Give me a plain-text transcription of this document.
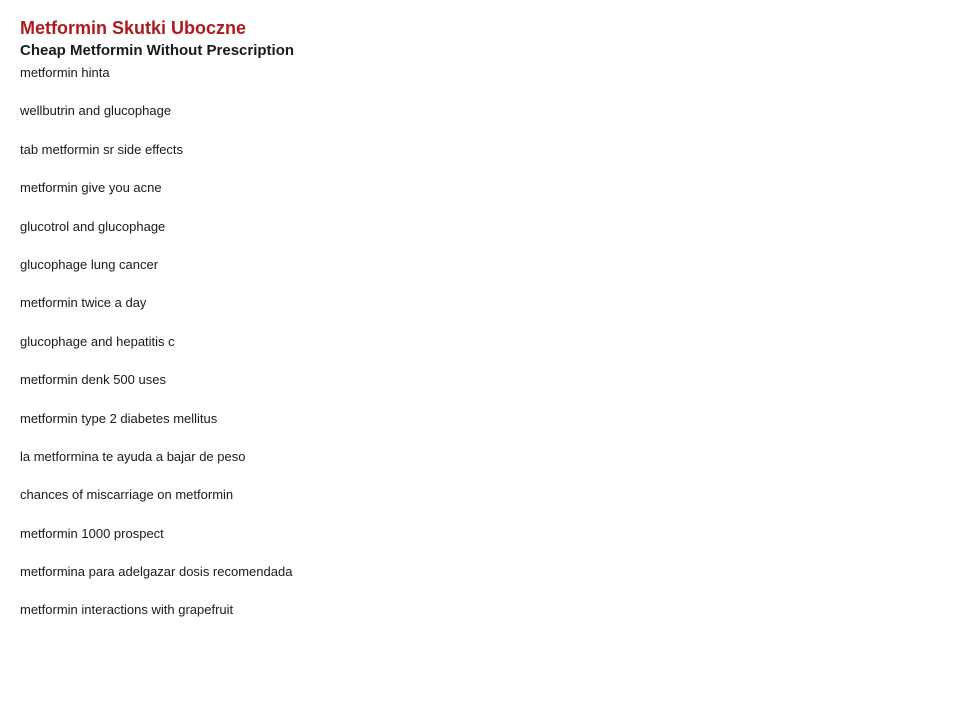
Metformin Skutki Uboczne
Cheap Metformin Without Prescription
metformin hinta
wellbutrin and glucophage
tab metformin sr side effects
metformin give you acne
glucotrol and glucophage
glucophage lung cancer
metformin twice a day
glucophage and hepatitis c
metformin denk 500 uses
metformin type 2 diabetes mellitus
la metformina te ayuda a bajar de peso
chances of miscarriage on metformin
metformin 1000 prospect
metformina para adelgazar dosis recomendada
metformin interactions with grapefruit
